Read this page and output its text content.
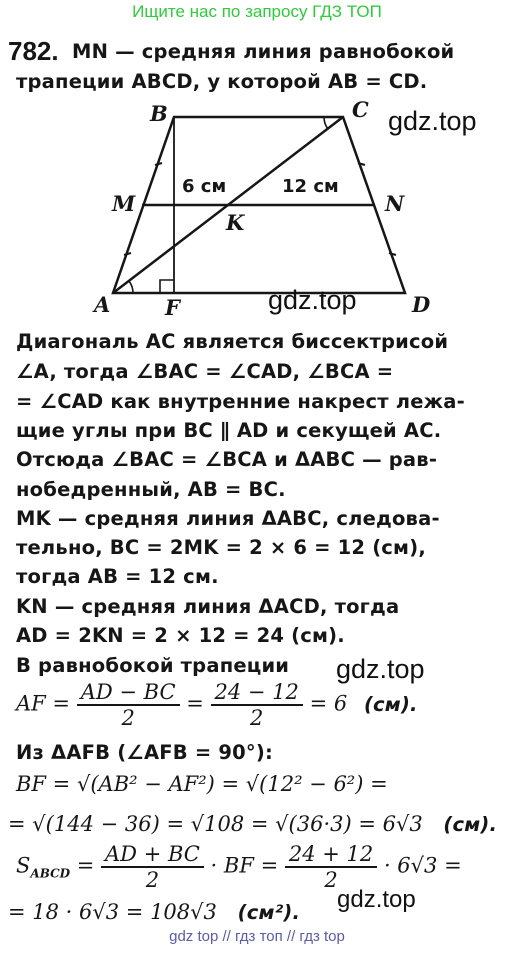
Ищите нас по запросу ГДЗ ТОП
782. MN — средняя линия равнобокой
трапеции ABCD, у которой AB = CD.
B	C
M	N
K
A	F	D
6 см	12 см
gdz.top
gdz.top
gdz.top
gdz.top
Диагональ AC является биссектрисой
∠A, тогда ∠BAC = ∠CAD, ∠BCA =
= ∠CAD как внутренние накрест лежа-
щие углы при BC ∥ AD и секущей AC.
Отсюда ∠BAC = ∠BCA и ΔABC — рав-
нобедренный, AB = BC.
MK — средняя линия ΔABC, следова-
тельно, BC = 2MK = 2 × 6 = 12 (см),
тогда AB = 12 см.
KN — средняя линия ΔACD, тогда
AD = 2KN = 2 × 12 = 24 (см).
В равнобокой трапеции
AF = $\frac{AD - BC}{2} = \frac{24 - 12}{2} = 6$ (см).
Из ΔAFB (∠AFB = 90°):
BF = √(AB² − AF²) = √(12² − 6²) =
= √(144 − 36) = √108 = √(36·3) = 6√3 (см).
$S_{ABCD} = \frac{AD + BC}{2}$ · BF = $\frac{24 + 12}{2} \cdot 6√3$ =
= 18 · 6√3 = 108√3 (см²).
gdz top // гдз топ // гдз top
